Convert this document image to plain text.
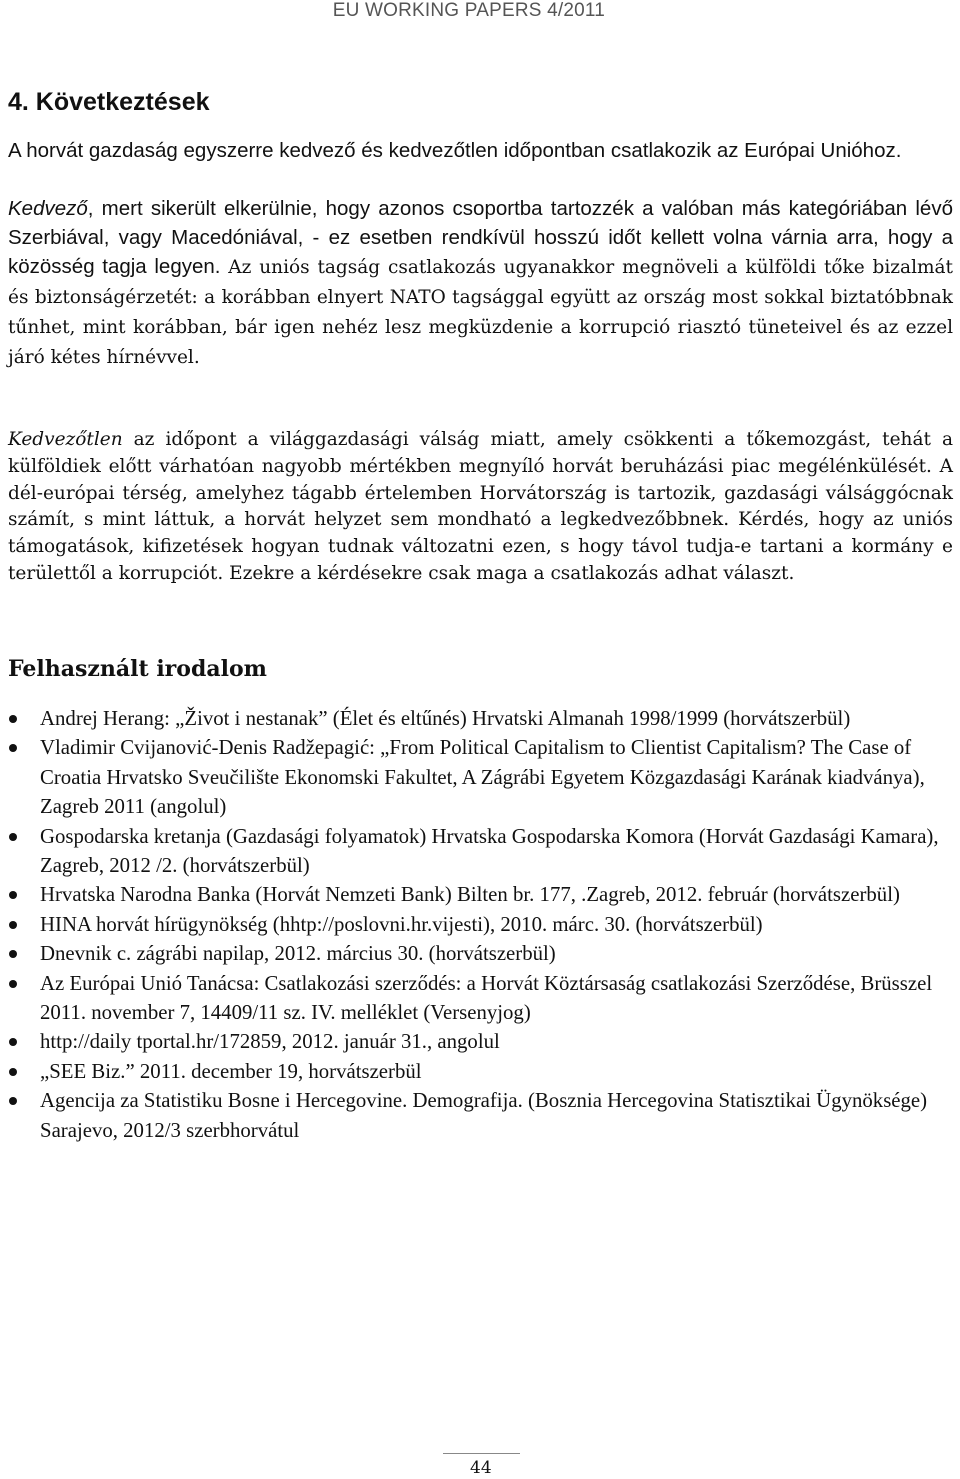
EU WORKING PAPERS 4/2011
4. Következtések

A horvát gazdaság egyszerre kedvező és kedvezőtlen időpontban csatlakozik az Európai Unióhoz.

Kedvező, mert sikerült elkerülnie, hogy azonos csoportba tartozzék a valóban más kategóriában lévő Szerbiával, vagy Macedóniával, - ez esetben rendkívül hosszú időt kellett volna várnia arra, hogy a közösség tagja legyen. Az uniós tagság csatlakozás ugyanakkor megnöveli a külföldi tőke bizalmát és biztonságérzetét: a korábban elnyert NATO tagsággal együtt az ország most sokkal biztatóbbnak tűnhet, mint korábban, bár igen nehéz lesz megküzdenie a korrupció riasztó tüneteivel és az ezzel járó kétes hírnévvel.

Kedvezőtlen az időpont a világgazdasági válság miatt, amely csökkenti a tőkemozgást, tehát a külföldiek előtt várhatóan nagyobb mértékben megnyíló horvát beruházási piac megélénkülését. A dél-európai térség, amelyhez tágabb értelemben Horvátország is tartozik, gazdasági válsággócnak számít, s mint láttuk, a horvát helyzet sem mondható a legkedvezőbbnek. Kérdés, hogy az uniós támogatások, kifizetések hogyan tudnak változatni ezen, s hogy távol tudja-e tartani a kormány e területtől a korrupciót. Ezekre a kérdésekre csak maga a csatlakozás adhat választ.

Felhasznált irodalom
Andrej Herang: „Život i nestanak” (Élet és eltűnés) Hrvatski Almanah 1998/1999 (horvátszerbül)
Vladimir Cvijanović-Denis Radžepagić: „From Political Capitalism to Clientist Capitalism? The Case of Croatia Hrvatsko Sveučilište Ekonomski Fakultet, A Zágrábi Egyetem Közgazdasági Karának kiadványa), Zagreb 2011 (angolul)
Gospodarska kretanja (Gazdasági folyamatok) Hrvatska Gospodarska Komora (Horvát Gazdasági Kamara), Zagreb, 2012 /2. (horvátszerbül)
Hrvatska Narodna Banka (Horvát Nemzeti Bank) Bilten br. 177, .Zagreb, 2012. február (horvátszerbül)
HINA horvát hírügynökség (hhtp://poslovni.hr.vijesti), 2010. márc. 30. (horvátszerbül)
Dnevnik c. zágrábi napilap, 2012. március 30. (horvátszerbül)
Az Európai Unió Tanácsa: Csatlakozási szerződés: a Horvát Köztársaság csatlakozási Szerződése, Brüsszel 2011. november 7, 14409/11 sz. IV. melléklet (Versenyjog)
http://daily tportal.hr/172859, 2012. január 31., angolul
„SEE Biz.” 2011. december 19, horvátszerbül
Agencija za Statistiku Bosne i Hercegovine. Demografija. (Bosznia Hercegovina Statisztikai Ügynöksége) Sarajevo, 2012/3 szerbhorvátul
44
